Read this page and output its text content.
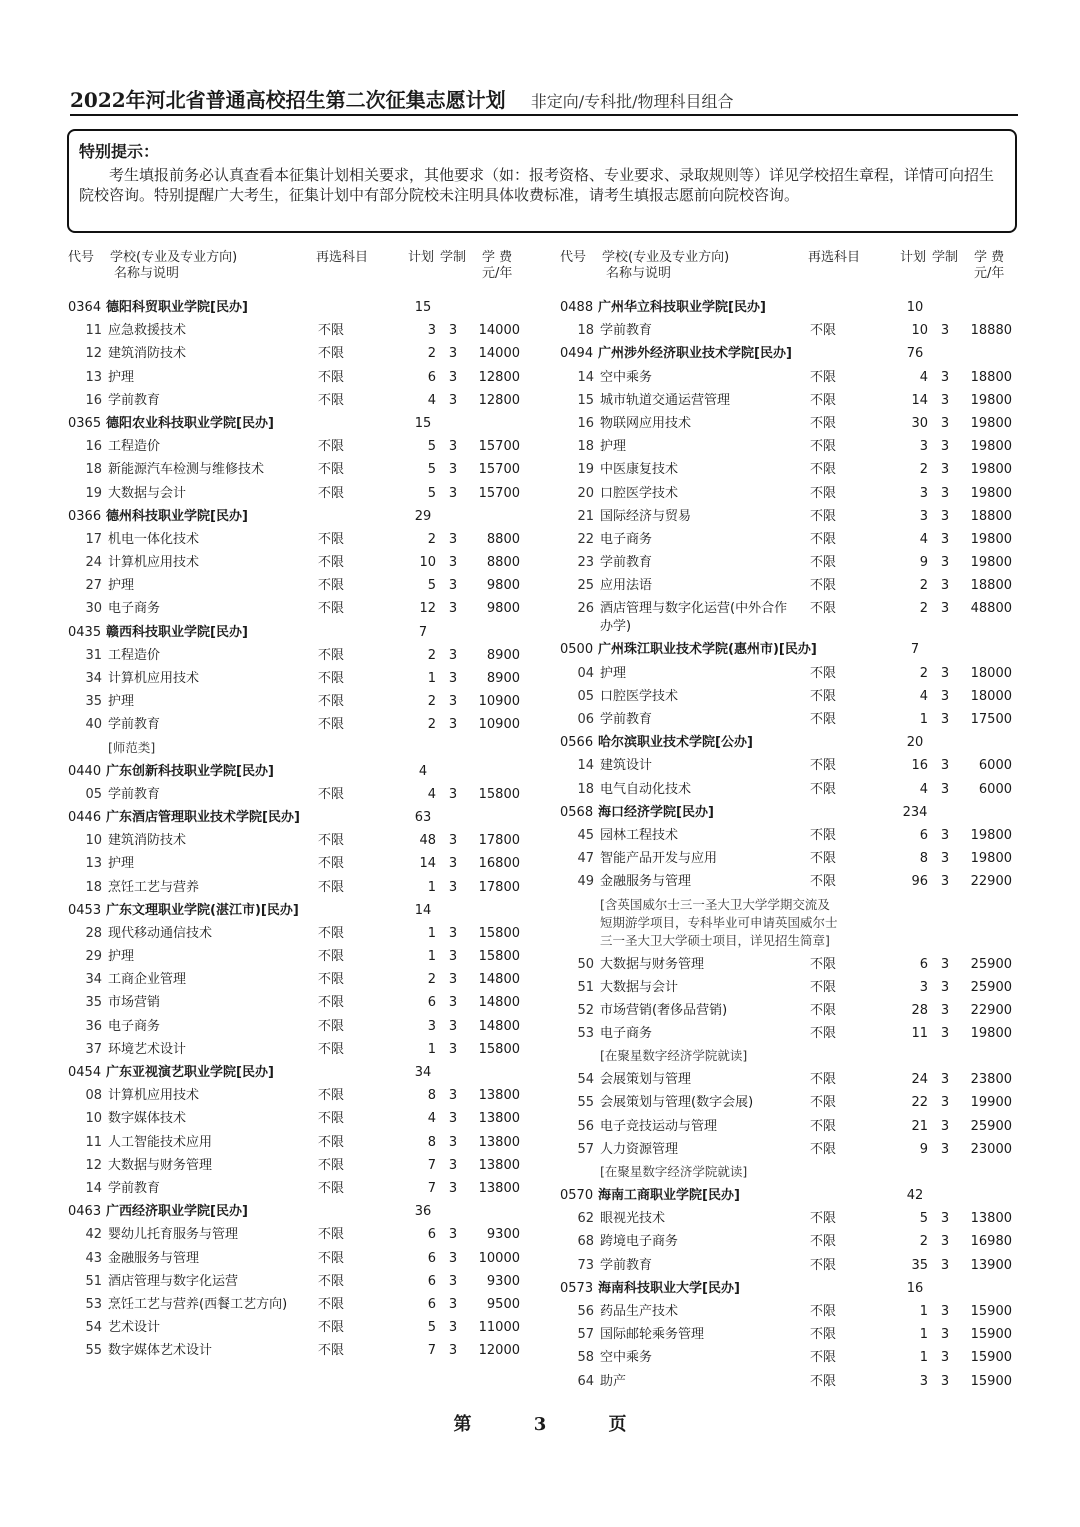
2022年河北省普通高校招生第二次征集志愿计划 非定向/专科批/物理科目组合
特别提示：
考生填报前务必认真查看本征集计划相关要求，其他要求（如：报考资格、专业要求、录取规则等）详见学校招生章程，详情可向招生院校咨询。特别提醒广大考生，征集计划中有部分院校未注明具体收费标准，请考生填报志愿前向院校咨询。
代号 学校(专业及专业方向)
名称与说明
再选科目	计划 学制 学 费
元/年
0364 德阳科贸职业学院[民办]	15
11 应急救援技术	不限	3 3	14000
12 建筑消防技术	不限	2 3	14000
13 护理	不限	6 3	12800
16 学前教育	不限	4 3	12800
0365 德阳农业科技职业学院[民办]	15
16 工程造价	不限	5 3	15700
18 新能源汽车检测与维修技术	不限	5 3	15700
19 大数据与会计	不限	5 3	15700
0366 德州科技职业学院[民办]	29
17 机电一体化技术	不限	2 3	8800
24 计算机应用技术	不限	10 3	8800
27 护理	不限	5 3	9800
30 电子商务	不限	12 3	9800
0435 赣西科技职业学院[民办]	7
31 工程造价	不限	2 3	8900
34 计算机应用技术	不限	1 3	8900
35 护理	不限	2 3	10900
40 学前教育	不限	2 3	10900
[师范类]
0440 广东创新科技职业学院[民办]	4
05 学前教育	不限	4 3	15800
0446 广东酒店管理职业技术学院[民办]	63
10 建筑消防技术	不限	48 3	17800
13 护理	不限	14 3	16800
18 烹饪工艺与营养	不限	1 3	17800
0453 广东文理职业学院(湛江市)[民办]	14
28 现代移动通信技术	不限	1 3	15800
29 护理	不限	1 3	15800
34 工商企业管理	不限	2 3	14800
35 市场营销	不限	6 3	14800
36 电子商务	不限	3 3	14800
37 环境艺术设计	不限	1 3	15800
0454 广东亚视演艺职业学院[民办]	34
08 计算机应用技术	不限	8 3	13800
10 数字媒体技术	不限	4 3	13800
11 人工智能技术应用	不限	8 3	13800
12 大数据与财务管理	不限	7 3	13800
14 学前教育	不限	7 3	13800
0463 广西经济职业学院[民办]	36
42 婴幼儿托育服务与管理	不限	6 3	9300
43 金融服务与管理	不限	6 3	10000
51 酒店管理与数字化运营	不限	6 3	9300
53 烹饪工艺与营养(西餐工艺方向) 不限	6 3	9500
54 艺术设计	不限	5 3	11000
55 数字媒体艺术设计	不限	7 3	12000
代号 学校(专业及专业方向)
名称与说明
再选科目	计划 学制 学 费
元/年
0488 广州华立科技职业学院[民办]	10
18 学前教育	不限	10 3	18880
0494 广州涉外经济职业技术学院[民办]	76
14 空中乘务	不限	4 3	18800
15 城市轨道交通运营管理	不限	14 3	19800
16 物联网应用技术	不限	30 3	19800
18 护理	不限	3 3	19800
19 中医康复技术	不限	2 3	19800
20 口腔医学技术	不限	3 3	19800
21 国际经济与贸易	不限	3 3	18800
22 电子商务	不限	4 3	19800
23 学前教育	不限	9 3	19800
25 应用法语	不限	2 3	18800
26 酒店管理与数字化运营(中外合作办学)
不限	2 3	48800
0500 广州珠江职业技术学院(惠州市)[民办]	7
04 护理	不限	2 3	18000
05 口腔医学技术	不限	4 3	18000
06 学前教育	不限	1 3	17500
0566 哈尔滨职业技术学院[公办]	20
14 建筑设计	不限	16 3	6000
18 电气自动化技术	不限	4 3	6000
0568 海口经济学院[民办]	234
45 园林工程技术	不限	6 3	19800
47 智能产品开发与应用	不限	8 3	19800
49 金融服务与管理	不限	96 3	22900
[含英国威尔士三一圣大卫大学学期交流及短期游学项目，专科毕业可申请英国威尔士三一圣大卫大学硕士项目，详见招生简章]
50 大数据与财务管理	不限	6 3	25900
51 大数据与会计	不限	3 3	25900
52 市场营销(奢侈品营销)	不限	28 3	22900
53 电子商务	不限	11 3	19800
[在聚星数字经济学院就读]
54 会展策划与管理	不限	24 3	23800
55 会展策划与管理(数字会展)	不限	22 3	19900
56 电子竞技运动与管理	不限	21 3	25900
57 人力资源管理	不限	9 3	23000
[在聚星数字经济学院就读]
0570 海南工商职业学院[民办]	42
62 眼视光技术	不限	5 3	13800
68 跨境电子商务	不限	2 3	16980
73 学前教育	不限	35 3	13900
0573 海南科技职业大学[民办]	16
56 药品生产技术	不限	1 3	15900
57 国际邮轮乘务管理	不限	1 3	15900
58 空中乘务	不限	1 3	15900
64 助产	不限	3 3	15900
第	3	页
